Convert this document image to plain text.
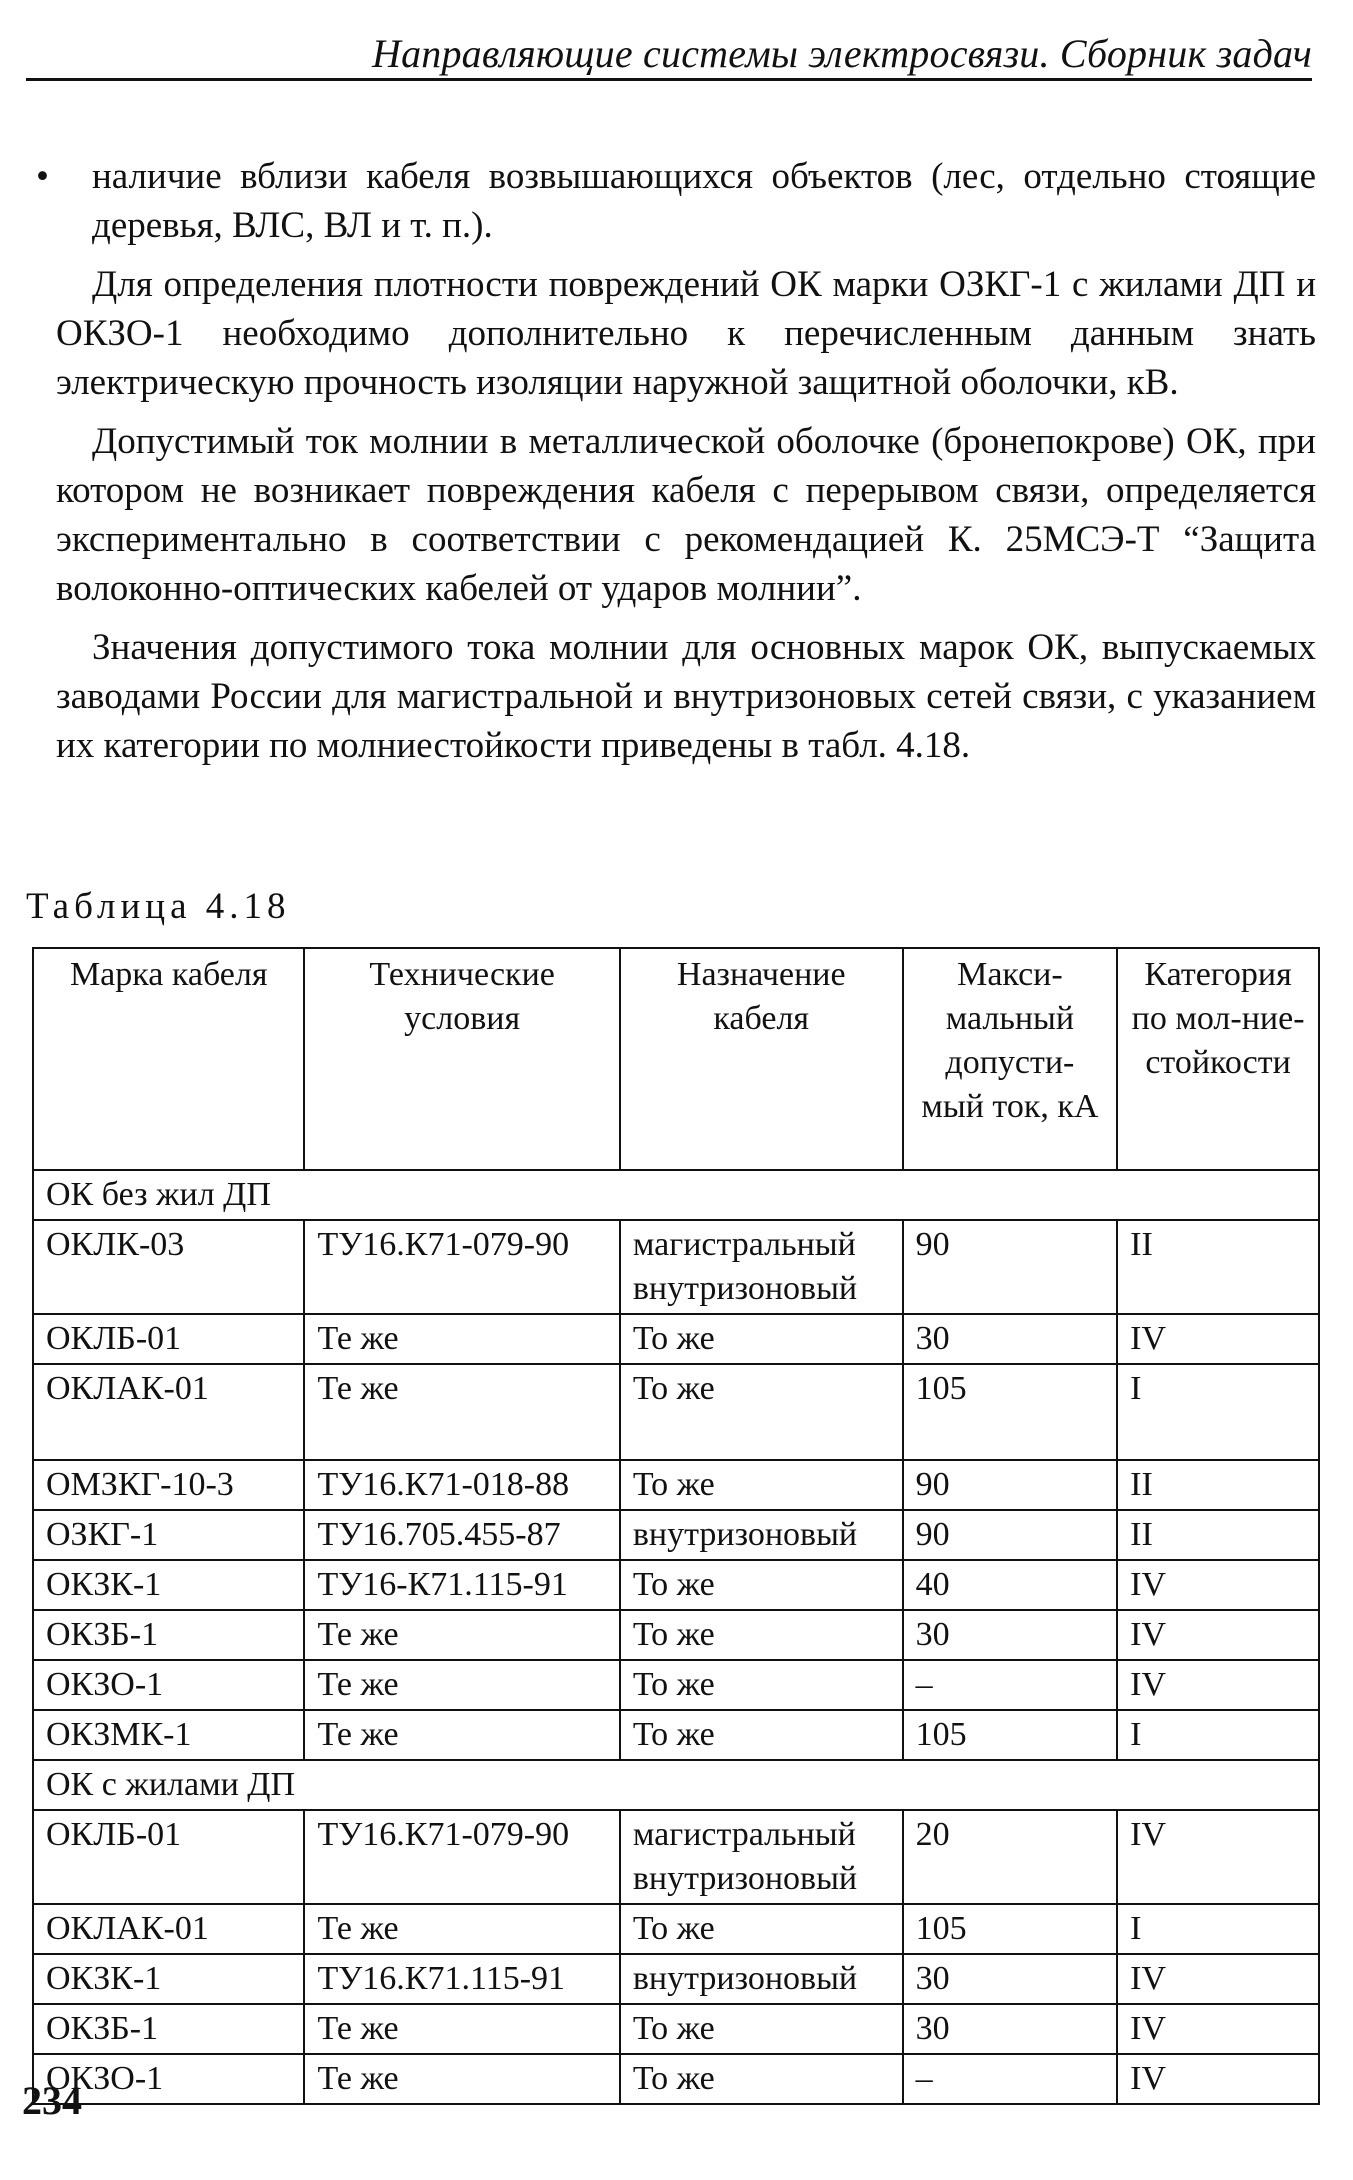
Направляющие системы электросвязи. Сборник задач
• наличие вблизи кабеля возвышающихся объектов (лес, отдельно стоящие деревья, ВЛС, ВЛ и т. п.).

Для определения плотности повреждений ОК марки ОЗКГ-1 с жилами ДП и ОКЗО-1 необходимо дополнительно к перечисленным данным знать электрическую прочность изоляции наружной защитной оболочки, кВ.

Допустимый ток молнии в металлической оболочке (бронепокрове) ОК, при котором не возникает повреждения кабеля с перерывом связи, определяется экспериментально в соответствии с рекомендацией К. 25МСЭ-Т “Защита волоконно-оптических кабелей от ударов молнии”.

Значения допустимого тока молнии для основных марок ОК, выпускаемых заводами России для магистральной и внутризоновых сетей связи, с указанием их категории по молниестойкости приведены в табл. 4.18.

Таблица 4.18
Марка кабеля	Технические условия	Назначение кабеля	Макси-мальный допусти-мый ток, кА	Категория по мол-ние-стойкости
ОК без жил ДП				
ОКЛК-03	ТУ16.К71-079-90	магистральный внутризоновый	90	II
ОКЛБ-01	Те же	То же	30	IV
ОКЛАК-01	Те же	То же	105	I
ОМЗКГ-10-3	ТУ16.К71-018-88	То же	90	II
ОЗКГ-1	ТУ16.705.455-87	внутризоновый	90	II
ОКЗК-1	ТУ16-К71.115-91	То же	40	IV
ОКЗБ-1	Те же	То же	30	IV
ОКЗО-1	Те же	То же	–	IV
ОКЗМК-1	Те же	То же	105	I
ОК с жилами ДП				
ОКЛБ-01	ТУ16.К71-079-90	магистральный внутризоновый	20	IV
ОКЛАК-01	Те же	То же	105	I
ОКЗК-1	ТУ16.К71.115-91	внутризоновый	30	IV
ОКЗБ-1	Те же	То же	30	IV
ОКЗО-1	Те же	То же	–	IV
234
